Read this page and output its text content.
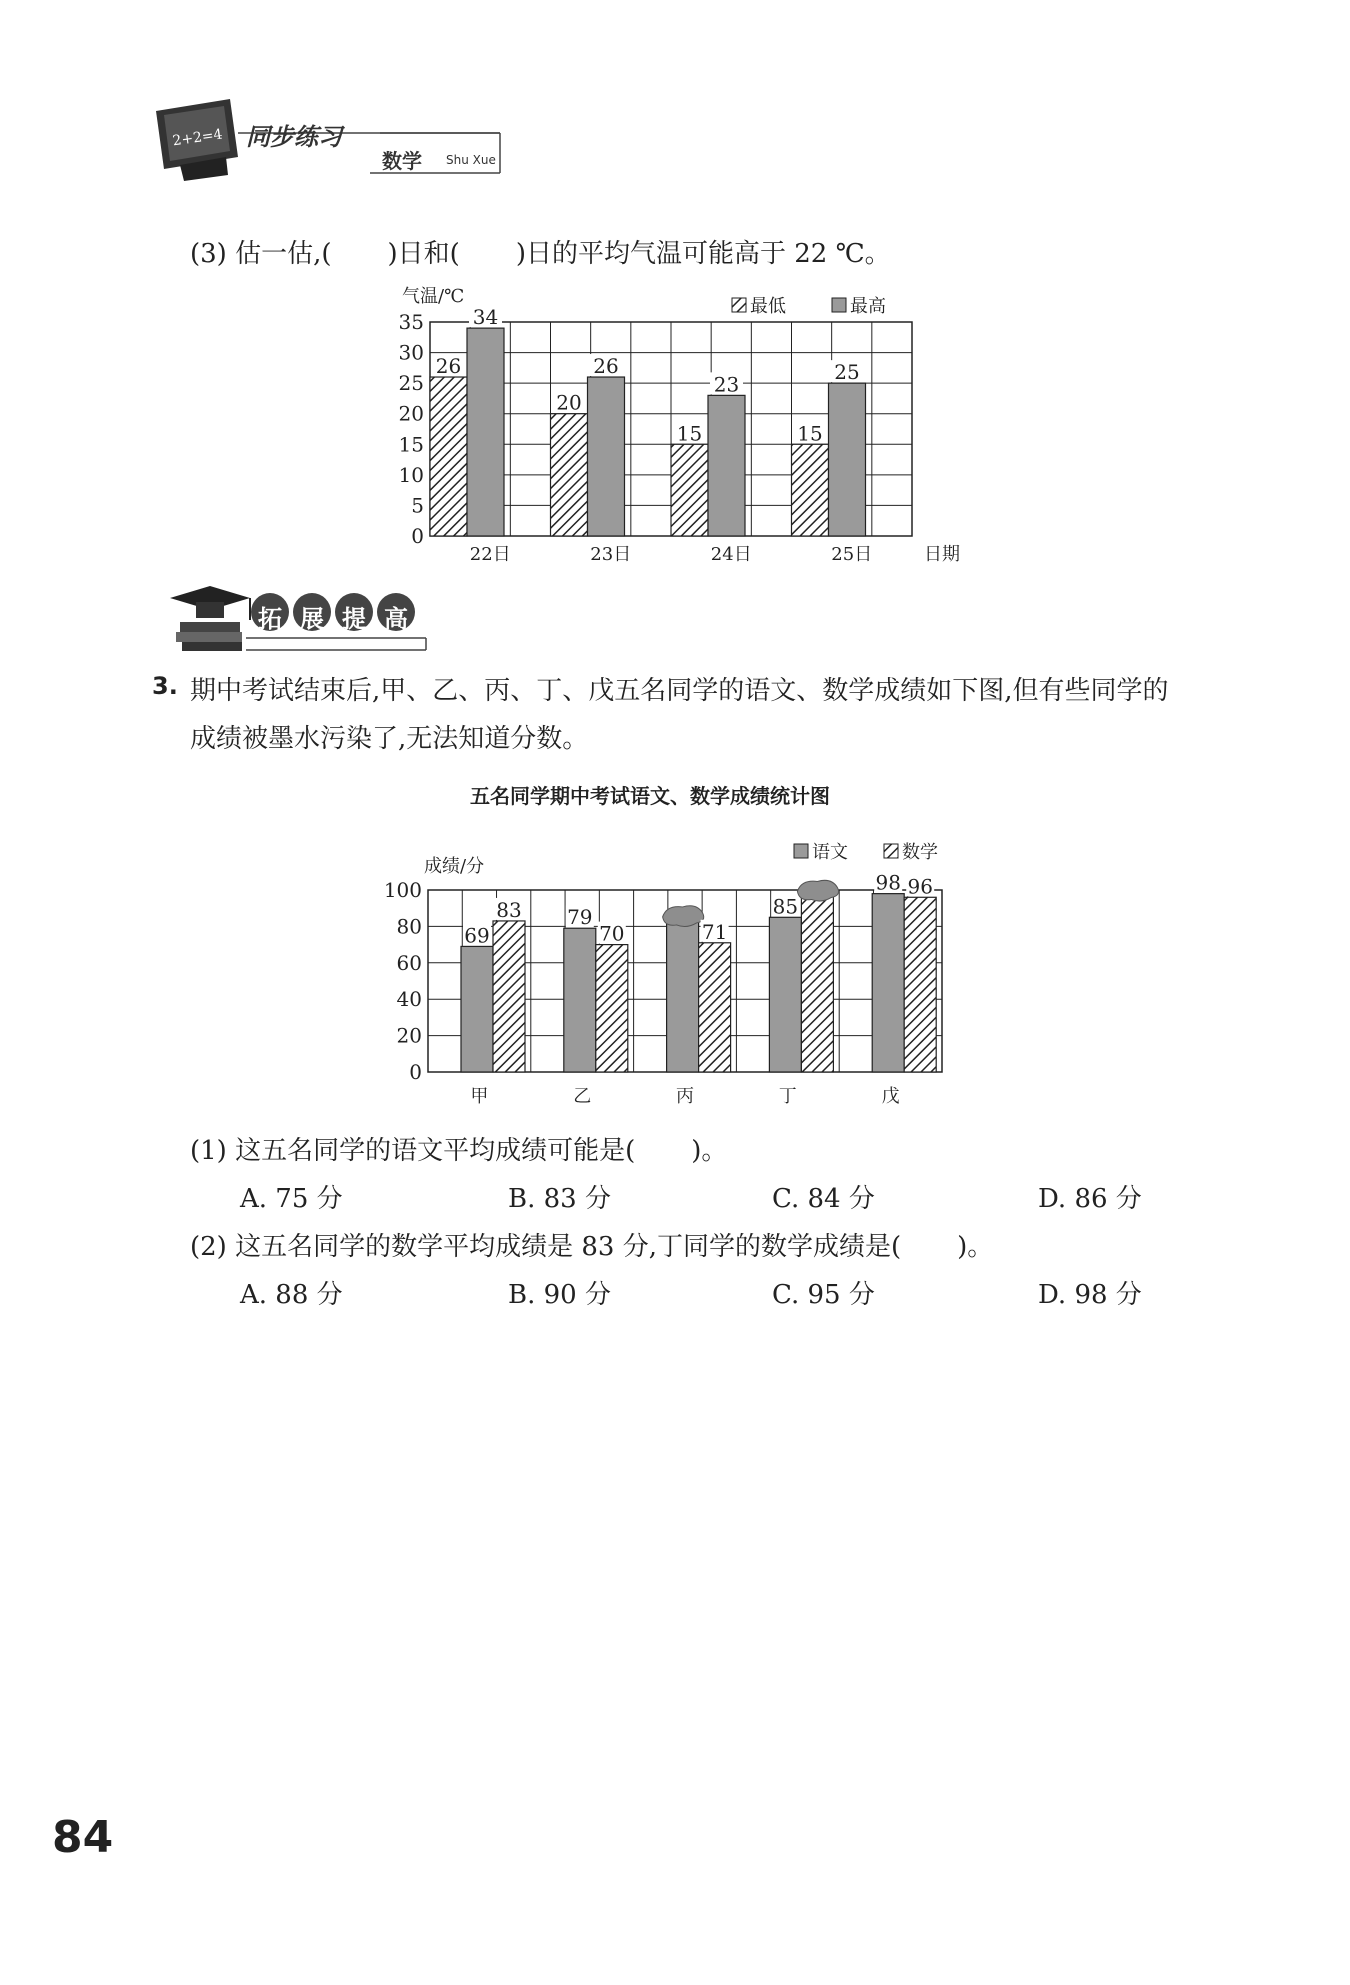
2+2=4 同步练习
数学 Shu Xue
(3) 估一估,( )日和( )日的平均气温可能高于 22 ℃。
0
5
10
15
20
25
30
35
26
34
22日
20
26
23日
15
23
24日
15
25
25日
气温/℃
日期
最低	最高
拓 展 提 高
3. 期中考试结束后,甲、乙、丙、丁、戊五名同学的语文、数学成绩如下图,但有些同学的
成绩被墨水污染了,无法知道分数。
五名同学期中考试语文、数学成绩统计图
0
20
40
60
80
100
69
83
甲
79
70
乙
71
丙
85
丁
98 96
戊
成绩/分
语文	数学
(1) 这五名同学的语文平均成绩可能是( )。
A. 75 分	B. 83 分	C. 84 分	D. 86 分
(2) 这五名同学的数学平均成绩是 83 分,丁同学的数学成绩是( )。
A. 88 分	B. 90 分	C. 95 分	D. 98 分
84
